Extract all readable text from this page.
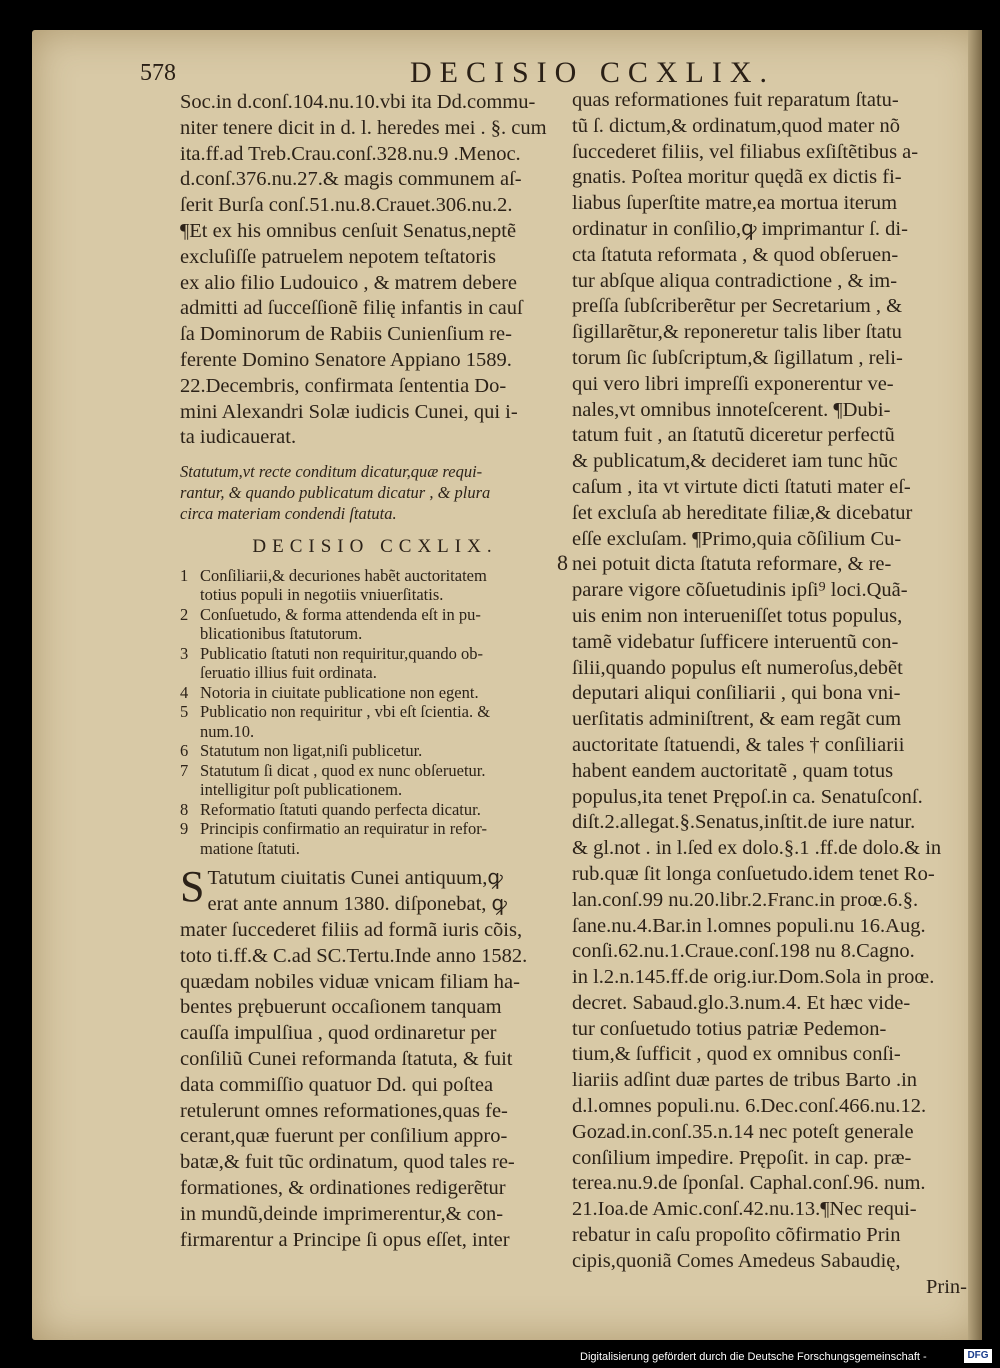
578	DECISIO CCXLIX.

Soc.in d.conſ.104.nu.10.vbi ita Dd.commu-

niter tenere dicit in d. l. heredes mei . §. cum

ita.ff.ad Treb.Crau.conſ.328.nu.9 .Menoc.

d.conſ.376.nu.27.& magis communem aſ-

ſerit Burſa conſ.51.nu.8.Crauet.306.nu.2.

¶Et ex his omnibus cenſuit Senatus,neptẽ

excluſiſſe patruelem nepotem teſtatoris

ex alio filio Ludouico , & matrem debere

admitti ad ſucceſſionẽ filię infantis in cauſ

ſa Dominorum de Rabiis Cunienſium re-

ferente Domino Senatore Appiano 1589.

22.Decembris, confirmata ſententia Do-

mini Alexandri Solæ iudicis Cunei, qui i-

ta iudicauerat.

Statutum,vt recte conditum dicatur,quæ requi-

rantur, & quando publicatum dicatur , & plura

circa materiam condendi ſtatuta.

DECISIO CCXLIX.

1 Conſiliarii,& decuriones habẽt auctoritatem
totius populi in negotiis vniuerſitatis.

2 Conſuetudo, & forma attendenda eſt in pu-
blicationibus ſtatutorum.

3 Publicatio ſtatuti non requiritur,quando ob-
ſeruatio illius fuit ordinata.

4 Notoria in ciuitate publicatione non egent.

5 Publicatio non requiritur , vbi eſt ſcientia. &
num.10.

6 Statutum non ligat,niſi publicetur.

7 Statutum ſi dicat , quod ex nunc obſeruetur.
intelligitur poſt publicationem.

8 Reformatio ſtatuti quando perfecta dicatur.

9 Principis confirmatio an requiratur in refor-
matione ſtatuti.

S Tatutum ciuitatis Cunei antiquum,ꝙ

erat ante annum 1380. diſponebat, ꝙ

mater ſuccederet filiis ad formã iuris cõis,

toto ti.ff.& C.ad SC.Tertu.Inde anno 1582.

quædam nobiles viduæ vnicam filiam ha-

bentes prębuerunt occaſionem tanquam

cauſſa impulſiua , quod ordinaretur per

conſiliũ Cunei reformanda ſtatuta, & fuit

data commiſſio quatuor Dd. qui poſtea

retulerunt omnes reformationes,quas fe-

cerant,quæ fuerunt per conſilium appro-

batæ,& fuit tũc ordinatum, quod tales re-

formationes, & ordinationes redigerẽtur

in mundũ,deinde imprimerentur,& con-

firmarentur a Principe ſi opus eſſet, inter

8

quas reformationes fuit reparatum ſtatu-

tũ ſ. dictum,& ordinatum,quod mater nõ

ſuccederet filiis, vel filiabus exſiſtẽtibus a-

gnatis. Poſtea moritur quędã ex dictis fi-

liabus ſuperſtite matre,ea mortua iterum

ordinatur in conſilio,ꝙ imprimantur ſ. di-

cta ſtatuta reformata , & quod obſeruen-

tur abſque aliqua contradictione , & im-

preſſa ſubſcriberẽtur per Secretarium , &

ſigillarẽtur,& reponeretur talis liber ſtatu

torum ſic ſubſcriptum,& ſigillatum , reli-

qui vero libri impreſſi exponerentur ve-

nales,vt omnibus innoteſcerent. ¶Dubi-

tatum fuit , an ſtatutũ diceretur perfectũ

& publicatum,& decideret iam tunc hũc

caſum , ita vt virtute dicti ſtatuti mater eſ-

ſet excluſa ab hereditate filiæ,& dicebatur

eſſe excluſam. ¶Primo,quia cõſilium Cu-

nei potuit dicta ſtatuta reformare, & re-

parare vigore cõſuetudinis ipſi⁹ loci.Quã-

uis enim non interueniſſet totus populus,

tamẽ videbatur ſufficere interuentũ con-

ſilii,quando populus eſt numeroſus,debẽt

deputari aliqui conſiliarii , qui bona vni-

uerſitatis adminiſtrent, & eam regãt cum

auctoritate ſtatuendi, & tales † conſiliarii

habent eandem auctoritatẽ , quam totus

populus,ita tenet Prępoſ.in ca. Senatuſconſ.

diſt.2.allegat.§.Senatus,inſtit.de iure natur.

& gl.not . in l.ſed ex dolo.§.1 .ff.de dolo.& in

rub.quæ ſit longa conſuetudo.idem tenet Ro-

lan.conſ.99 nu.20.libr.2.Franc.in proœ.6.§.

ſane.nu.4.Bar.in l.omnes populi.nu 16.Aug.

conſi.62.nu.1.Craue.conſ.198 nu 8.Cagno.

in l.2.n.145.ff.de orig.iur.Dom.Sola in proœ.

decret. Sabaud.glo.3.num.4. Et hæc vide-

tur conſuetudo totius patriæ Pedemon-

tium,& ſufficit , quod ex omnibus conſi-

liariis adſint duæ partes de tribus Barto .in

d.l.omnes populi.nu. 6.Dec.conſ.466.nu.12.

Gozad.in.conſ.35.n.14 nec poteſt generale

conſilium impedire. Prępoſit. in cap. præ-

terea.nu.9.de ſponſal. Caphal.conſ.96. num.

21.Ioa.de Amic.conſ.42.nu.13.¶Nec requi-

rebatur in caſu propoſito cõfirmatio Prin

cipis,quoniã Comes Amedeus Sabaudię,

Prin-

Digitalisierung gefördert durch die Deutsche Forschungsgemeinschaft -	DFG
